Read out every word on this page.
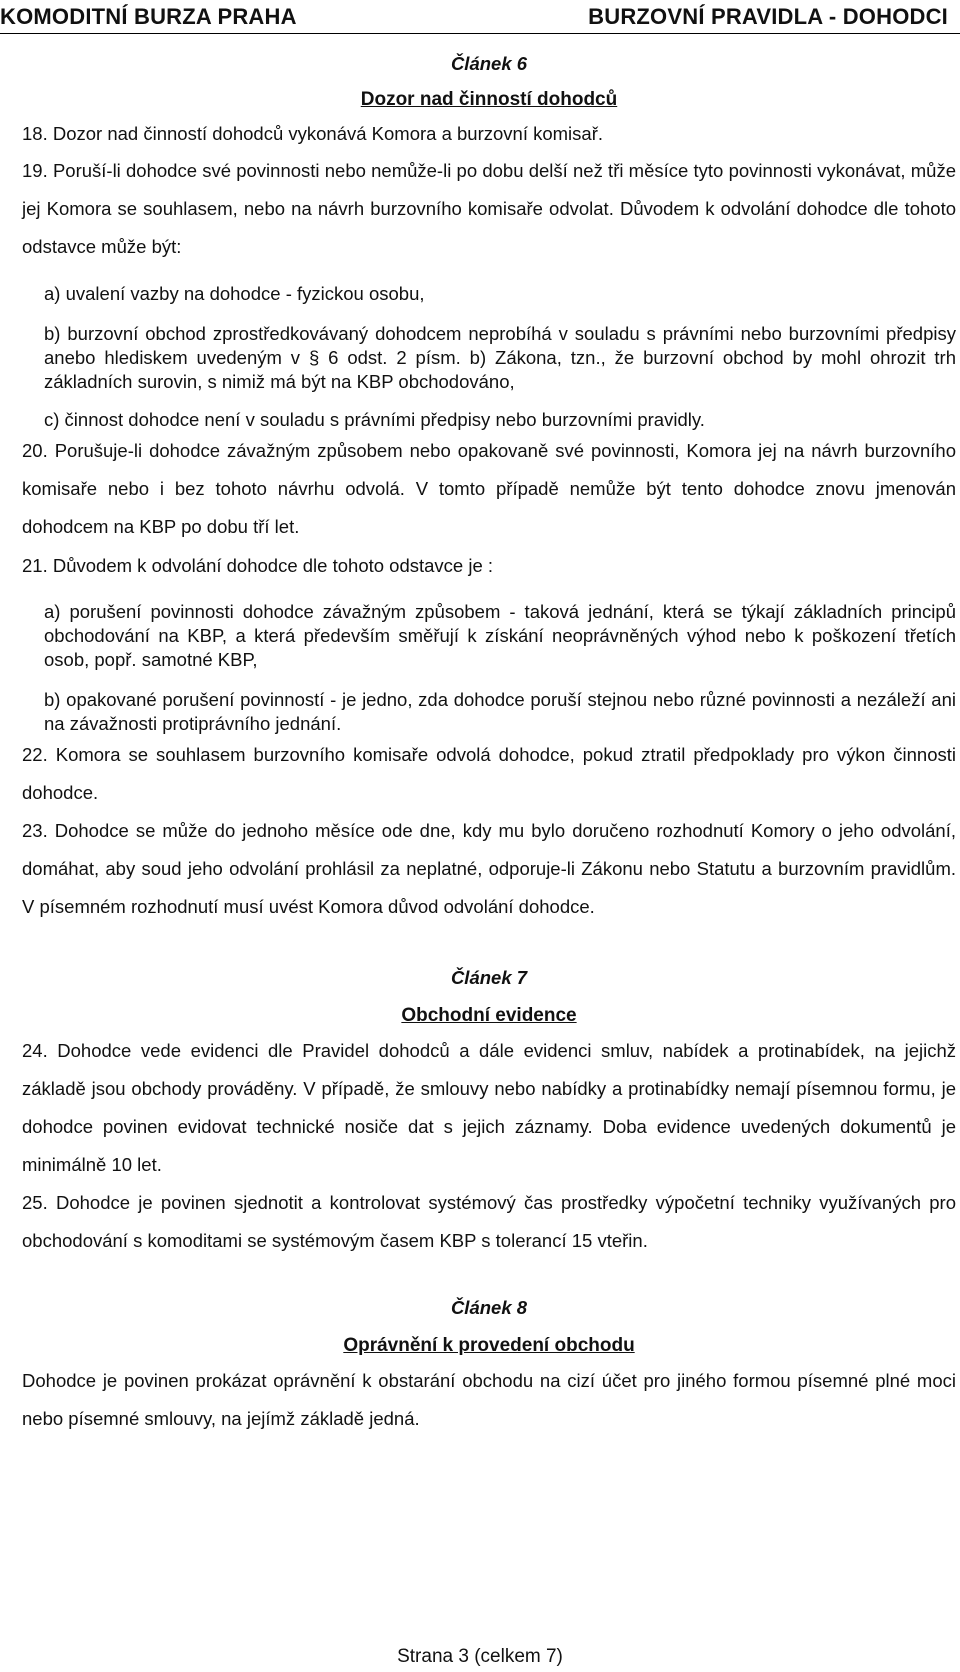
KOMODITNÍ BURZA PRAHA	BURZOVNÍ PRAVIDLA - DOHODCI
Článek 6
Dozor nad činností dohodců

18. Dozor nad činností dohodců vykonává Komora a burzovní komisař.

19. Poruší-li dohodce své povinnosti nebo nemůže-li po dobu delší než tři měsíce tyto povinnosti vykonávat, může jej Komora se souhlasem, nebo na návrh burzovního komisaře odvolat. Důvodem k odvolání dohodce dle tohoto odstavce může být:

a) uvalení vazby na dohodce - fyzickou osobu,

b) burzovní obchod zprostředkovávaný dohodcem neprobíhá v souladu s právními nebo burzovními předpisy anebo hlediskem uvedeným v § 6 odst. 2 písm. b) Zákona, tzn., že burzovní obchod by mohl ohrozit trh základních surovin, s nimiž má být na KBP obchodováno,

c) činnost dohodce není v souladu s právními předpisy nebo burzovními pravidly.

20. Porušuje-li dohodce závažným způsobem nebo opakovaně své povinnosti, Komora jej na návrh burzovního komisaře nebo i bez tohoto návrhu odvolá. V tomto případě nemůže být tento dohodce znovu jmenován dohodcem na KBP po dobu tří let.

21. Důvodem k odvolání dohodce dle tohoto odstavce je :

a) porušení povinnosti dohodce závažným způsobem - taková jednání, která se týkají základních principů obchodování na KBP, a která především směřují k získání neoprávněných výhod nebo k poškození třetích osob, popř. samotné KBP,

b) opakované porušení povinností - je jedno, zda dohodce poruší stejnou nebo různé povinnosti a nezáleží ani na závažnosti protiprávního jednání.

22. Komora se souhlasem burzovního komisaře odvolá dohodce, pokud ztratil předpoklady pro výkon činnosti dohodce.

23. Dohodce se může do jednoho měsíce ode dne, kdy mu bylo doručeno rozhodnutí Komory o jeho odvolání, domáhat, aby soud jeho odvolání prohlásil za neplatné, odporuje-li Zákonu nebo Statutu a burzovním pravidlům. V písemném rozhodnutí musí uvést Komora důvod odvolání dohodce.

Článek 7
Obchodní evidence

24. Dohodce vede evidenci dle Pravidel dohodců a dále evidenci smluv, nabídek a protinabídek, na jejichž základě jsou obchody prováděny. V případě, že smlouvy nebo nabídky a protinabídky nemají písemnou formu, je dohodce povinen evidovat technické nosiče dat s jejich záznamy. Doba evidence uvedených dokumentů je minimálně 10 let.

25. Dohodce je povinen sjednotit a kontrolovat systémový čas prostředky výpočetní techniky využívaných pro obchodování s komoditami se systémovým časem KBP s tolerancí 15 vteřin.

Článek 8
Oprávnění k provedení obchodu

Dohodce je povinen prokázat oprávnění k obstarání obchodu na cizí účet pro jiného formou písemné plné moci nebo písemné smlouvy, na jejímž základě jedná.

Strana 3 (celkem 7)
